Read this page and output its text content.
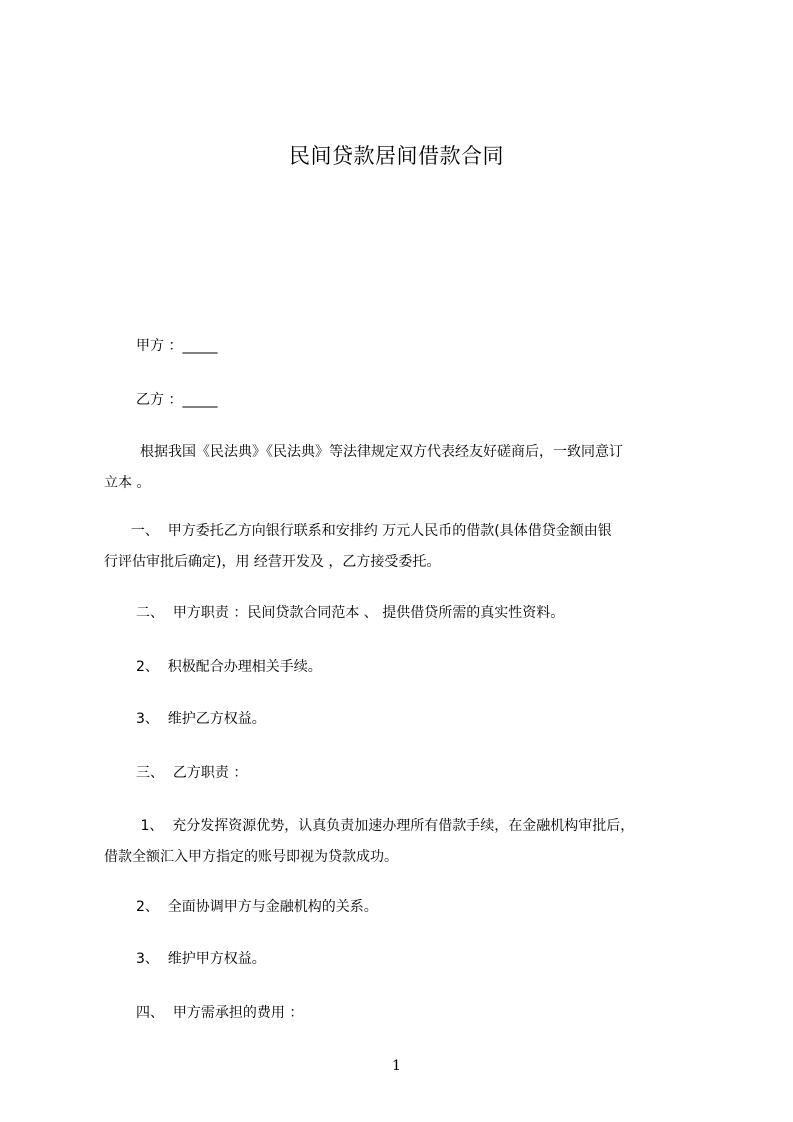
民间贷款居间借款合同
甲方 ：_____
乙方 ：_____
根据我国《民法典》《民法典》等法律规定双方代表经友好磋商后，一致同意订
立本 。
一、  甲方委托乙方向银行联系和安排约 万元人民币的借款(具体借贷金额由银
行评估审批后确定)，用 经营开发及 ，乙方接受委托。
二、  甲方职责 ：民间贷款合同范本 、 提供借贷所需的真实性资料。
2、  积极配合办理相关手续。
3、  维护乙方权益。
三、  乙方职责 ：
1、  充分发挥资源优势，认真负责加速办理所有借款手续，在金融机构审批后，
借款全额汇入甲方指定的账号即视为贷款成功。
2、  全面协调甲方与金融机构的关系。
3、  维护甲方权益。
四、  甲方需承担的费用 ：
1
